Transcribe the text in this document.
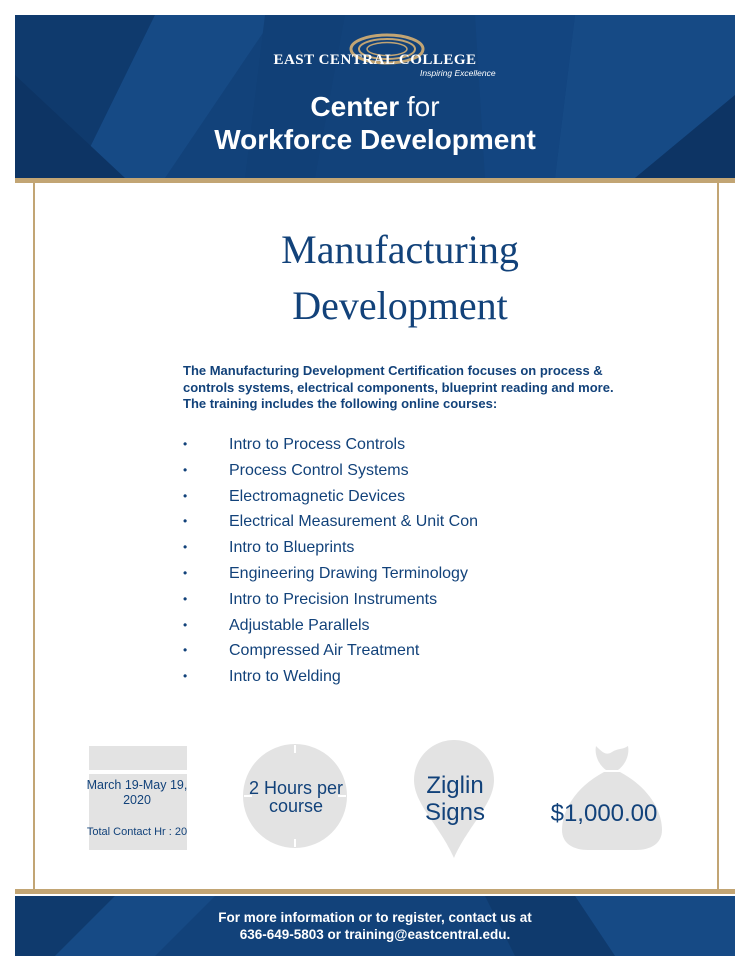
EAST CENTRAL COLLEGE
Inspiring Excellence
Center for
Workforce Development
Manufacturing
Development
The Manufacturing Development Certification focuses on process & controls systems, electrical components, blueprint reading and more. The training includes the following online courses:
•	Intro to Process Controls
•	Process Control Systems
•	Electromagnetic Devices
•	Electrical Measurement & Unit Con
•	Intro to Blueprints
•	Engineering Drawing Terminology
•	Intro to Precision Instruments
•	Adjustable Parallels
•	Compressed Air Treatment
•	Intro to Welding
March 19-May 19, 2020
Total Contact Hr : 20
2 Hours per course
Ziglin Signs	$1,000.00
For more information or to register, contact us at
636-649-5803 or training@eastcentral.edu.
